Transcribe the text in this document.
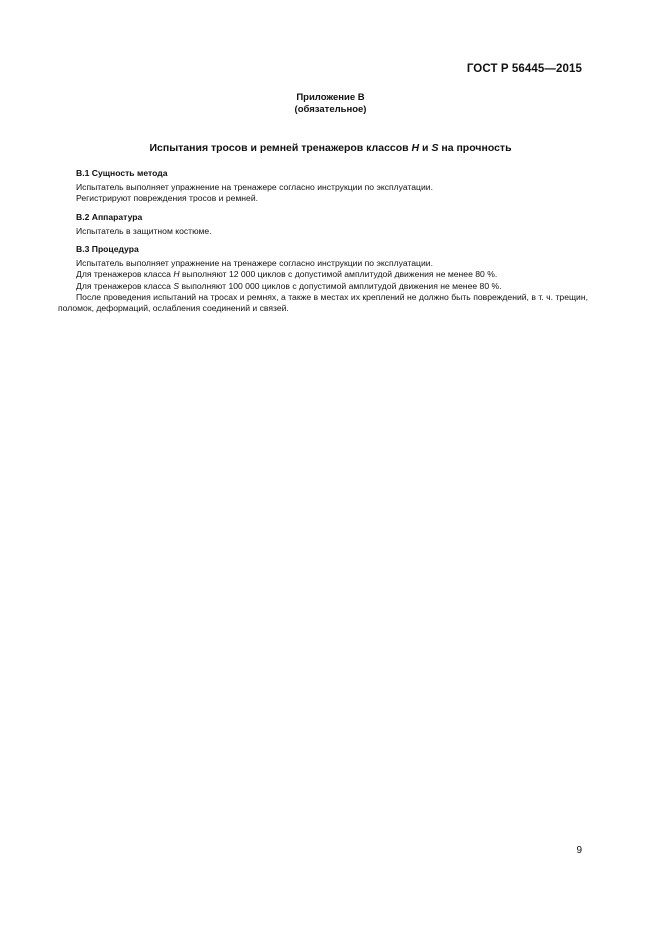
ГОСТ Р 56445—2015
Приложение В
(обязательное)
Испытания тросов и ремней тренажеров классов H и S на прочность
В.1 Сущность метода

Испытатель выполняет упражнение на тренажере согласно инструкции по эксплуатации.

Регистрируют повреждения тросов и ремней.

В.2 Аппаратура

Испытатель в защитном костюме.

В.3 Процедура

Испытатель выполняет упражнение на тренажере согласно инструкции по эксплуатации.

Для тренажеров класса H выполняют 12 000 циклов с допустимой амплитудой движения не менее 80 %.

Для тренажеров класса S выполняют 100 000 циклов с допустимой амплитудой движения не менее 80 %.

После проведения испытаний на тросах и ремнях, а также в местах их креплений не должно быть повреждений, в т. ч. трещин, поломок, деформаций, ослабления соединений и связей.

9
